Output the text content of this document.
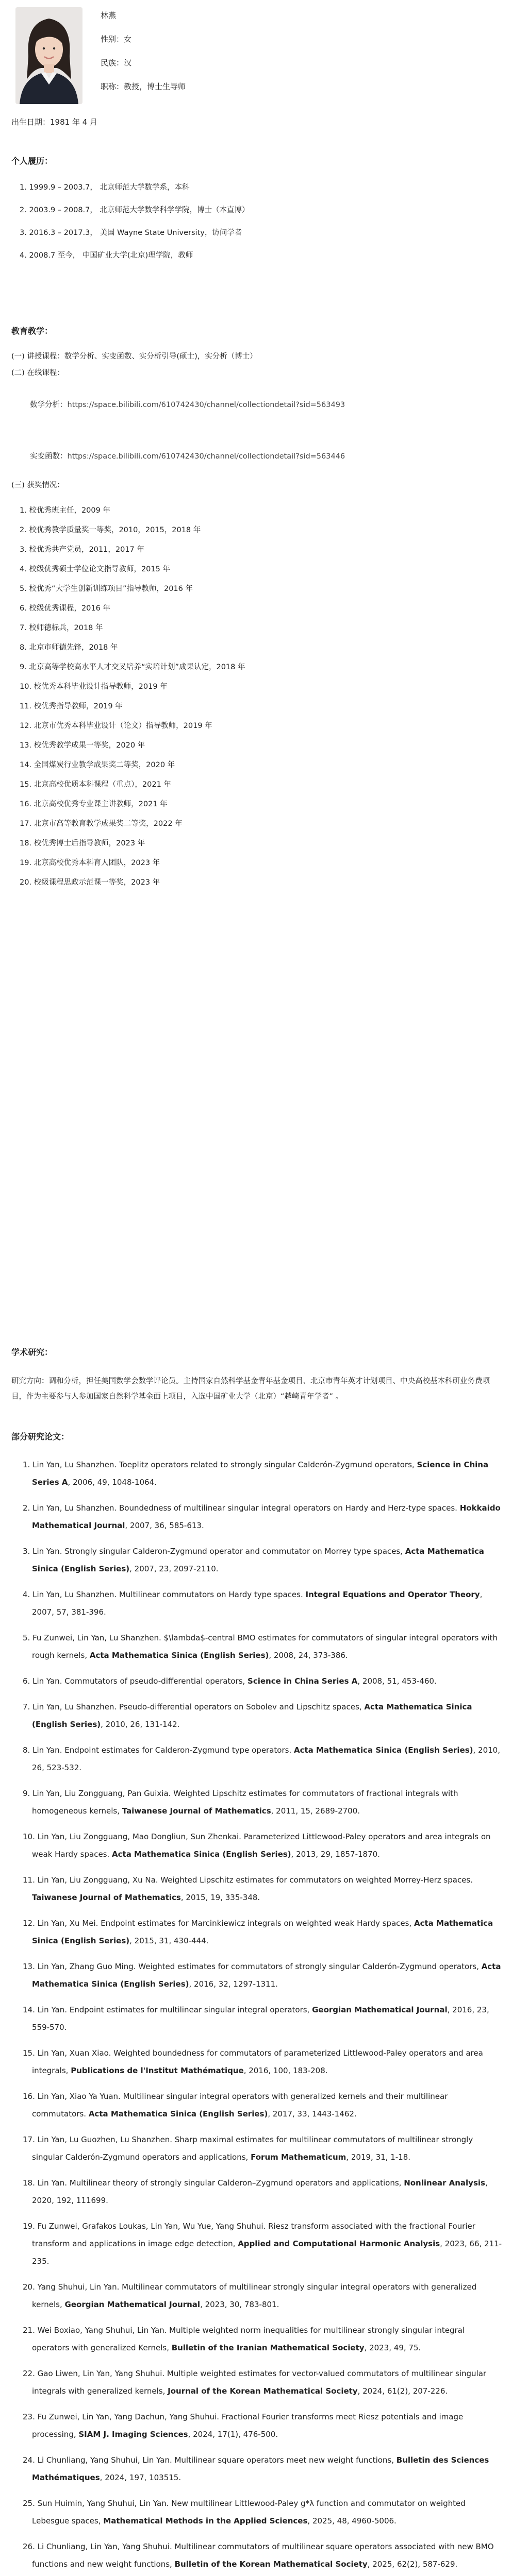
林燕
性别：女
民族：汉
职称：教授，博士生导师
出生日期：1981 年 4 月
个人履历：
1. 1999.9 – 2003.7， 北京师范大学数学系，本科
2. 2003.9 – 2008.7， 北京师范大学数学科学学院，博士（本直博）
3. 2016.3 – 2017.3， 美国 Wayne State University，访问学者
4. 2008.7 至今， 中国矿业大学(北京)理学院，教师
教育教学：
(一) 讲授课程：数学分析、实变函数、实分析引导(硕士)，实分析（博士）
(二) 在线课程：
数学分析：https://space.bilibili.com/610742430/channel/collectiondetail?sid=563493
实变函数：https://space.bilibili.com/610742430/channel/collectiondetail?sid=563446
(三) 获奖情况：
1. 校优秀班主任，2009 年
2. 校优秀教学质量奖一等奖，2010，2015，2018 年
3. 校优秀共产党员，2011，2017 年
4. 校级优秀硕士学位论文指导教师，2015 年
5. 校优秀“大学生创新训练项目”指导教师，2016 年
6. 校级优秀课程，2016 年
7. 校师德标兵，2018 年
8. 北京市师德先锋，2018 年
9. 北京高等学校高水平人才交叉培养“实培计划”成果认定，2018 年
10. 校优秀本科毕业设计指导教师，2019 年
11. 校优秀指导教师，2019 年
12. 北京市优秀本科毕业设计（论文）指导教师，2019 年
13. 校优秀教学成果一等奖，2020 年
14. 全国煤炭行业教学成果奖二等奖，2020 年
15. 北京高校优质本科课程（重点），2021 年
16. 北京高校优秀专业课主讲教师，2021 年
17. 北京市高等教育教学成果奖二等奖，2022 年
18. 校优秀博士后指导教师，2023 年
19. 北京高校优秀本科育人团队，2023 年
20. 校级课程思政示范课一等奖，2023 年
学术研究：
研究方向：调和分析，担任美国数学会数学评论员。主持国家自然科学基金青年基金项目、北京市青年英才计划项目、中央高校基本科研业务费项目，作为主要参与人参加国家自然科学基金面上项目，入选中国矿业大学（北京）“越崎青年学者” 。
部分研究论文：
1. Lin Yan, Lu Shanzhen. Toeplitz operators related to strongly singular Calderón-Zygmund operators, Science in China Series A, 2006, 49, 1048-1064.
2. Lin Yan, Lu Shanzhen. Boundedness of multilinear singular integral operators on Hardy and Herz-type spaces. Hokkaido Mathematical Journal, 2007, 36, 585-613.
3. Lin Yan. Strongly singular Calderon-Zygmund operator and commutator on Morrey type spaces, Acta Mathematica Sinica (English Series), 2007, 23, 2097-2110.
4. Lin Yan, Lu Shanzhen. Multilinear commutators on Hardy type spaces. Integral Equations and Operator Theory, 2007, 57, 381-396.
5. Fu Zunwei, Lin Yan, Lu Shanzhen. $\lambda$-central BMO estimates for commutators of singular integral operators with rough kernels, Acta Mathematica Sinica (English Series), 2008, 24, 373-386.
6. Lin Yan. Commutators of pseudo-differential operators, Science in China Series A, 2008, 51, 453-460.
7. Lin Yan, Lu Shanzhen. Pseudo-differential operators on Sobolev and Lipschitz spaces, Acta Mathematica Sinica (English Series), 2010, 26, 131-142.
8. Lin Yan. Endpoint estimates for Calderon-Zygmund type operators. Acta Mathematica Sinica (English Series), 2010, 26, 523-532.
9. Lin Yan, Liu Zongguang, Pan Guixia. Weighted Lipschitz estimates for commutators of fractional integrals with homogeneous kernels, Taiwanese Journal of Mathematics, 2011, 15, 2689-2700.
10. Lin Yan, Liu Zongguang, Mao Dongliun, Sun Zhenkai. Parameterized Littlewood-Paley operators and area integrals on weak Hardy spaces. Acta Mathematica Sinica (English Series), 2013, 29, 1857-1870.
11. Lin Yan, Liu Zongguang, Xu Na. Weighted Lipschitz estimates for commutators on weighted Morrey-Herz spaces. Taiwanese Journal of Mathematics, 2015, 19, 335-348.
12. Lin Yan, Xu Mei. Endpoint estimates for Marcinkiewicz integrals on weighted weak Hardy spaces, Acta Mathematica Sinica (English Series), 2015, 31, 430-444.
13. Lin Yan, Zhang Guo Ming. Weighted estimates for commutators of strongly singular Calderón-Zygmund operators, Acta Mathematica Sinica (English Series), 2016, 32, 1297-1311.
14. Lin Yan. Endpoint estimates for multilinear singular integral operators, Georgian Mathematical Journal, 2016, 23, 559-570.
15. Lin Yan, Xuan Xiao. Weighted boundedness for commutators of parameterized Littlewood-Paley operators and area integrals, Publications de l'Institut Mathématique, 2016, 100, 183-208.
16. Lin Yan, Xiao Ya Yuan. Multilinear singular integral operators with generalized kernels and their multilinear commutators. Acta Mathematica Sinica (English Series), 2017, 33, 1443-1462.
17. Lin Yan, Lu Guozhen, Lu Shanzhen. Sharp maximal estimates for multilinear commutators of multilinear strongly singular Calderón-Zygmund operators and applications, Forum Mathematicum, 2019, 31, 1-18.
18. Lin Yan. Multilinear theory of strongly singular Calderon–Zygmund operators and applications, Nonlinear Analysis, 2020, 192, 111699.
19. Fu Zunwei, Grafakos Loukas, Lin Yan, Wu Yue, Yang Shuhui. Riesz transform associated with the fractional Fourier transform and applications in image edge detection, Applied and Computational Harmonic Analysis, 2023, 66, 211-235.
20. Yang Shuhui, Lin Yan. Multilinear commutators of multilinear strongly singular integral operators with generalized kernels, Georgian Mathematical Journal, 2023, 30, 783-801.
21. Wei Boxiao, Yang Shuhui, Lin Yan. Multiple weighted norm inequalities for multilinear strongly singular integral operators with generalized Kernels, Bulletin of the Iranian Mathematical Society, 2023, 49, 75.
22. Gao Liwen, Lin Yan, Yang Shuhui. Multiple weighted estimates for vector-valued commutators of multilinear singular integrals with generalized kernels, Journal of the Korean Mathematical Society, 2024, 61(2), 207-226.
23. Fu Zunwei, Lin Yan, Yang Dachun, Yang Shuhui. Fractional Fourier transforms meet Riesz potentials and image processing, SIAM J. Imaging Sciences, 2024, 17(1), 476-500.
24. Li Chunliang, Yang Shuhui, Lin Yan. Multilinear square operators meet new weight functions, Bulletin des Sciences Mathématiques, 2024, 197, 103515.
25. Sun Huimin, Yang Shuhui, Lin Yan. New multilinear Littlewood-Paley g*λ function and commutator on weighted Lebesgue spaces, Mathematical Methods in the Applied Sciences, 2025, 48, 4960-5006.
26. Li Chunliang, Lin Yan, Yang Shuhui. Multilinear commutators of multilinear square operators associated with new BMO functions and new weight functions, Bulletin of the Korean Mathematical Society, 2025, 62(2), 587-629.
